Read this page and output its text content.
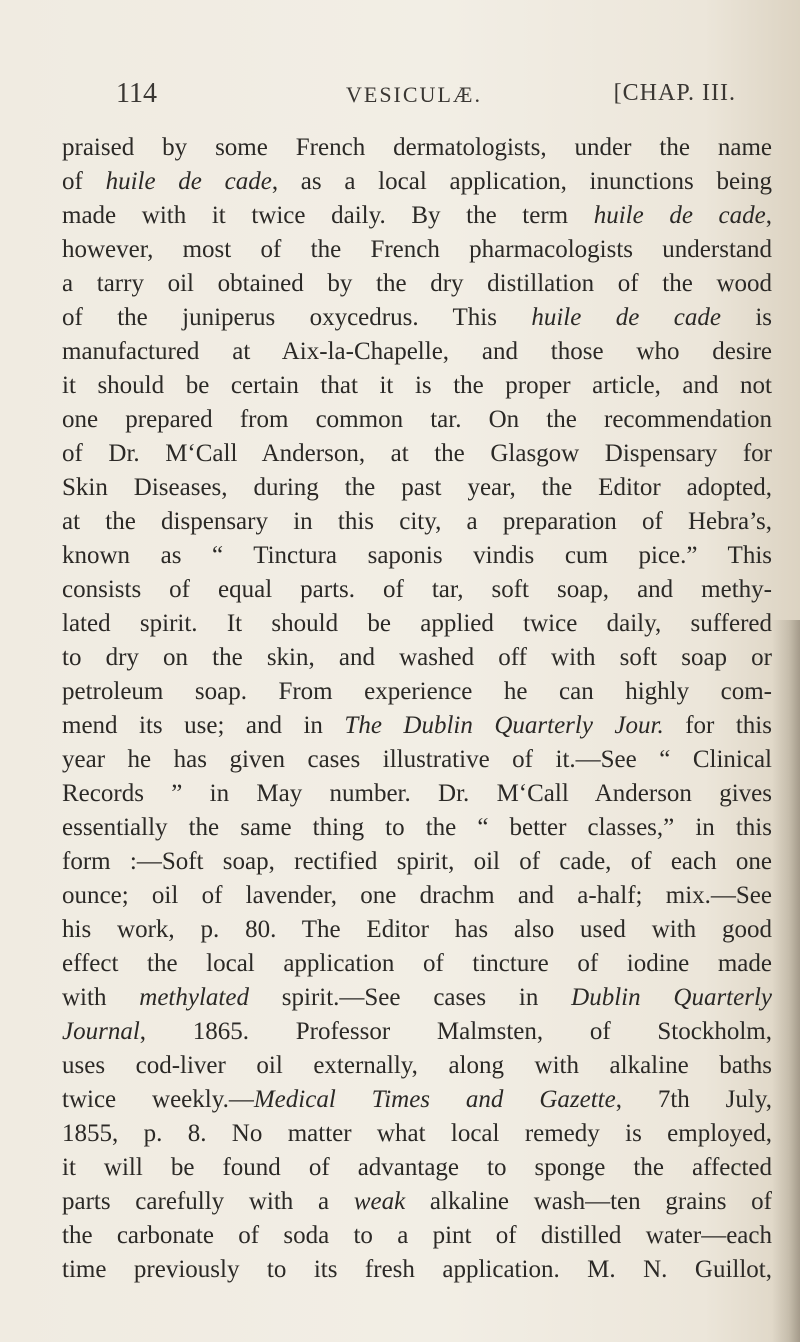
114	VESICULÆ.	[CHAP. III.
praised by some French dermatologists, under the name
of huile de cade, as a local application, inunctions being
made with it twice daily. By the term huile de cade,
however, most of the French pharmacologists understand
a tarry oil obtained by the dry distillation of the wood
of the juniperus oxycedrus. This huile de cade is
manufactured at Aix-la-Chapelle, and those who desire
it should be certain that it is the proper article, and not
one prepared from common tar. On the recommendation
of Dr. M‘Call Anderson, at the Glasgow Dispensary for
Skin Diseases, during the past year, the Editor adopted,
at the dispensary in this city, a preparation of Hebra’s,
known as “ Tinctura saponis vindis cum pice.” This
consists of equal parts. of tar, soft soap, and methy-
lated spirit. It should be applied twice daily, suffered
to dry on the skin, and washed off with soft soap or
petroleum soap. From experience he can highly com-
mend its use; and in The Dublin Quarterly Jour. for this
year he has given cases illustrative of it.—See “ Clinical
Records ” in May number. Dr. M‘Call Anderson gives
essentially the same thing to the “ better classes,” in this
form :—Soft soap, rectified spirit, oil of cade, of each one
ounce; oil of lavender, one drachm and a-half; mix.—See
his work, p. 80. The Editor has also used with good
effect the local application of tincture of iodine made
with methylated spirit.—See cases in Dublin Quarterly
Journal, 1865. Professor Malmsten, of Stockholm,
uses cod-liver oil externally, along with alkaline baths
twice weekly.—Medical Times and Gazette, 7th July,
1855, p. 8. No matter what local remedy is employed,
it will be found of advantage to sponge the affected
parts carefully with a weak alkaline wash—ten grains of
the carbonate of soda to a pint of distilled water—each
time previously to its fresh application. M. N. Guillot,
